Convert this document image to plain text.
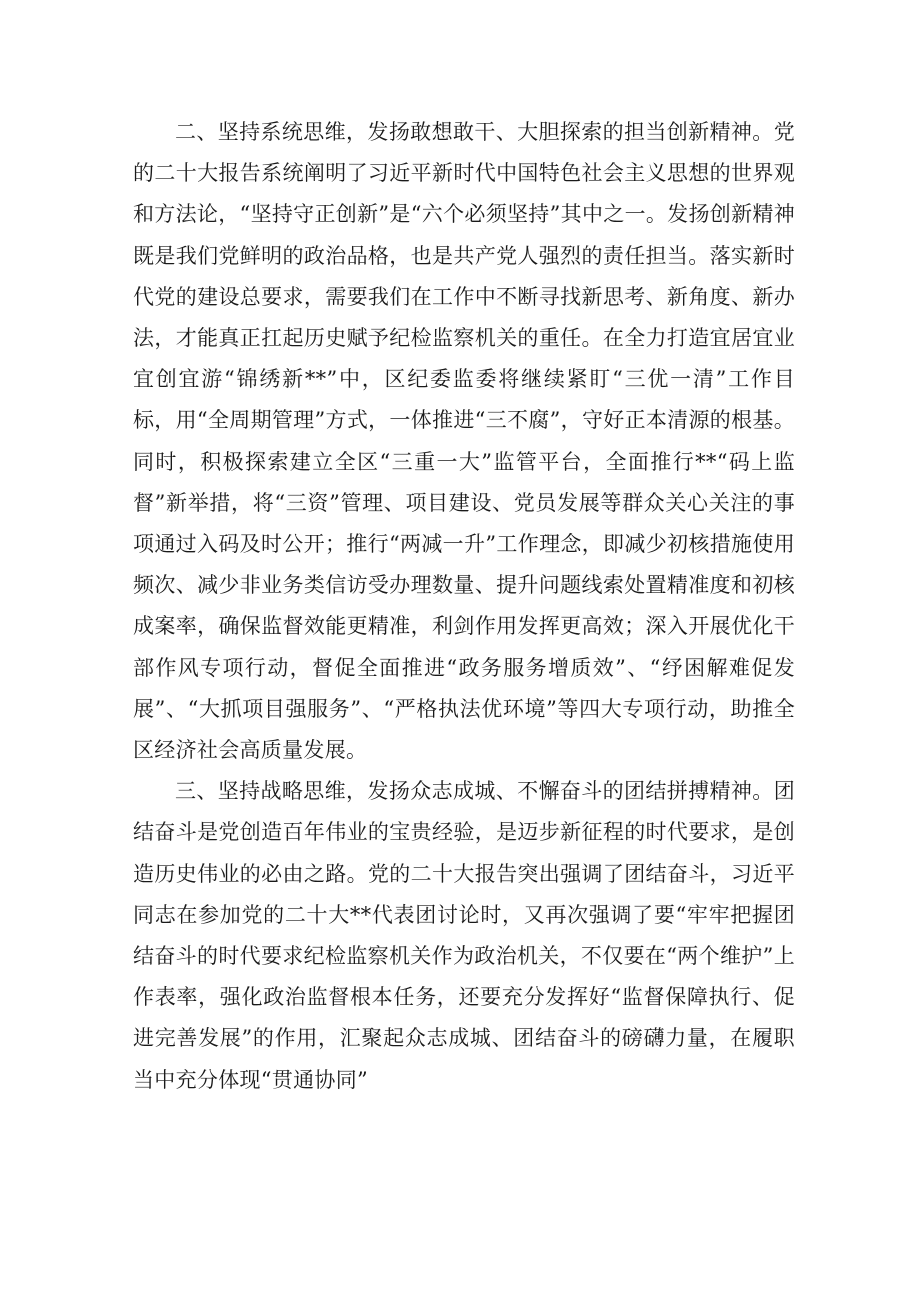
二、坚持系统思维，发扬敢想敢干、大胆探索的担当创新精神。党的二十大报告系统阐明了习近平新时代中国特色社会主义思想的世界观和方法论，“坚持守正创新”是“六个必须坚持”其中之一。发扬创新精神既是我们党鲜明的政治品格，也是共产党人强烈的责任担当。落实新时代党的建设总要求，需要我们在工作中不断寻找新思考、新角度、新办法，才能真正扛起历史赋予纪检监察机关的重任。在全力打造宜居宜业宜创宜游“锦绣新**”中，区纪委监委将继续紧盯“三优一清”工作目标，用“全周期管理”方式，一体推进“三不腐”，守好正本清源的根基。同时，积极探索建立全区“三重一大”监管平台，全面推行**“码上监督”新举措，将“三资”管理、项目建设、党员发展等群众关心关注的事项通过入码及时公开；推行“两减一升”工作理念，即减少初核措施使用频次、减少非业务类信访受办理数量、提升问题线索处置精准度和初核成案率，确保监督效能更精准，利剑作用发挥更高效；深入开展优化干部作风专项行动，督促全面推进“政务服务增质效”、“纾困解难促发展”、“大抓项目强服务”、“严格执法优环境”等四大专项行动，助推全区经济社会高质量发展。

三、坚持战略思维，发扬众志成城、不懈奋斗的团结拼搏精神。团结奋斗是党创造百年伟业的宝贵经验，是迈步新征程的时代要求，是创造历史伟业的必由之路。党的二十大报告突出强调了团结奋斗，习近平同志在参加党的二十大**代表团讨论时，又再次强调了要“牢牢把握团结奋斗的时代要求纪检监察机关作为政治机关，不仅要在“两个维护”上作表率，强化政治监督根本任务，还要充分发挥好“监督保障执行、促进完善发展”的作用，汇聚起众志成城、团结奋斗的磅礴力量，在履职当中充分体现“贯通协同”
